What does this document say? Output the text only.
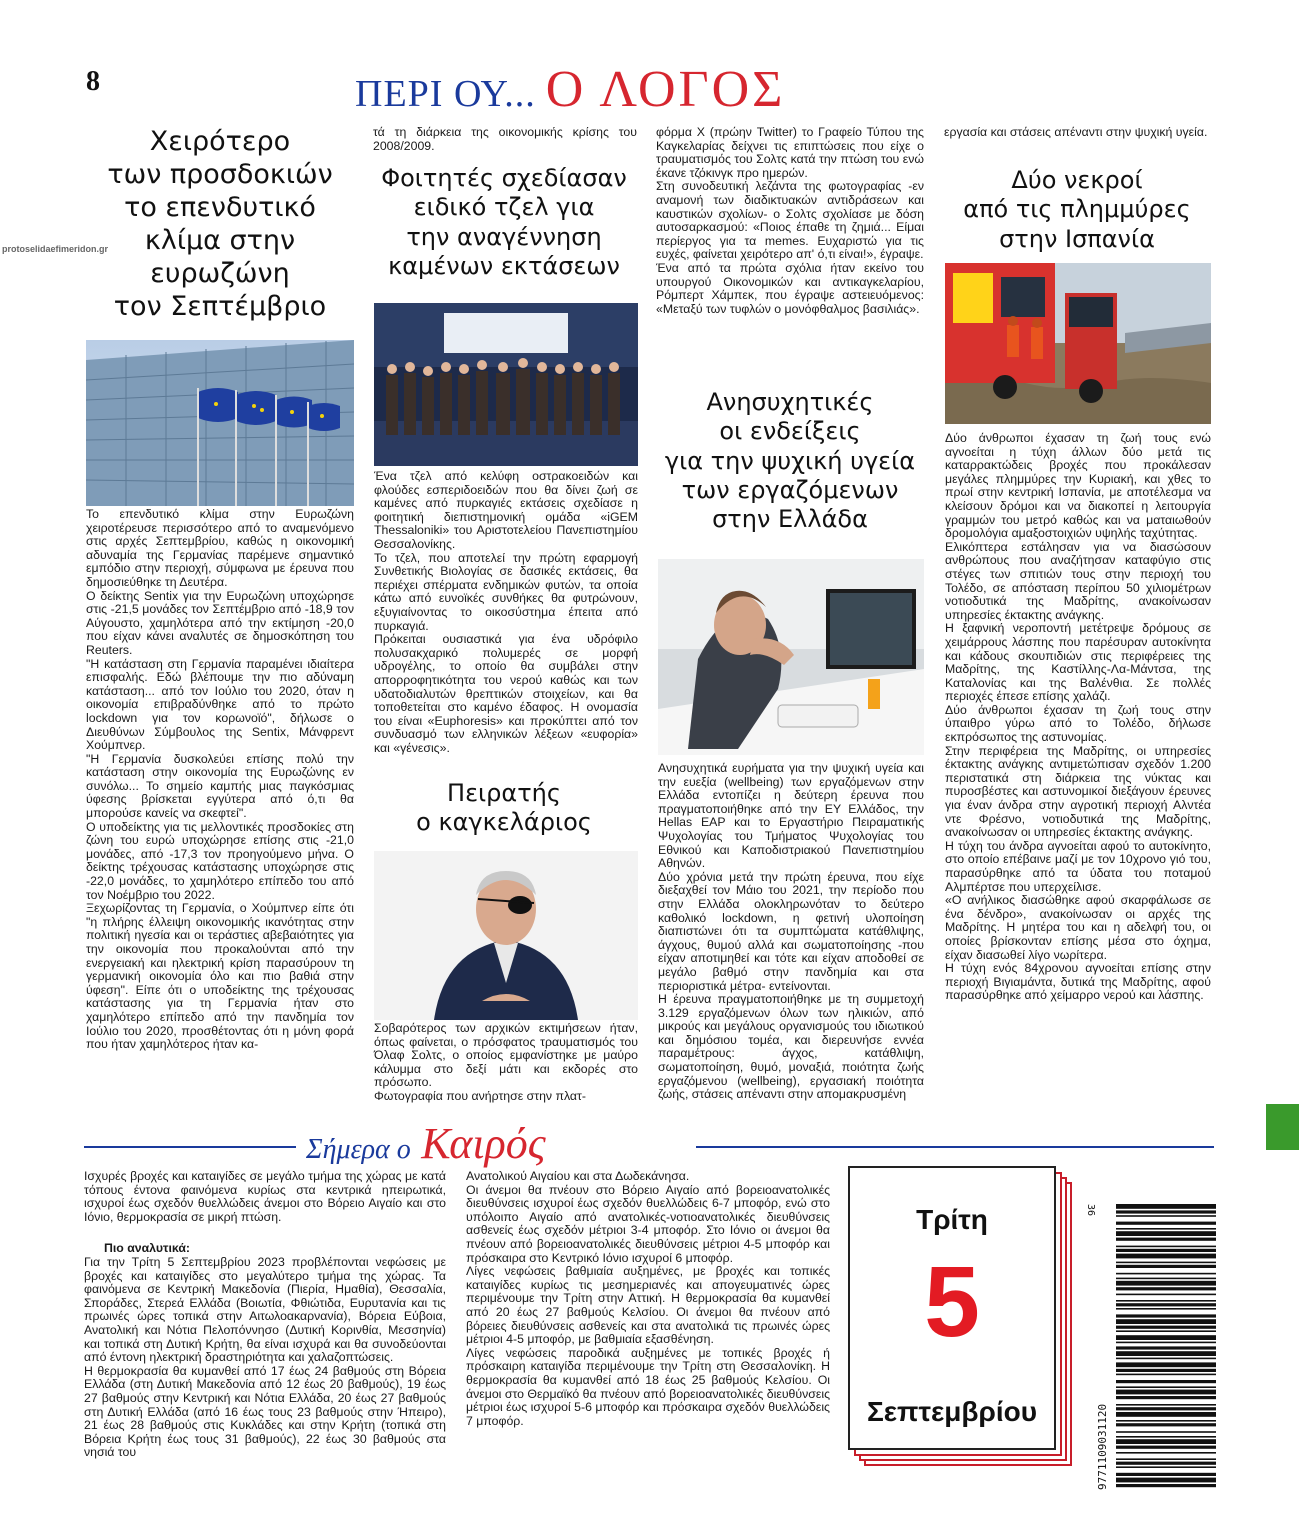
8	ΠΕΡΙ ΟΥ... Ο ΛΟΓΟΣ
protoselidaefimeridon.gr
Χειρότερο
των προσδοκιών
το επενδυτικό
κλίμα στην
ευρωζώνη
τον Σεπτέμβριο
Το επενδυτικό κλίμα στην Ευρωζώνη χειροτέρευσε περισσότερο από το αναμενόμενο στις αρχές Σεπτεμβρίου, καθώς η οικονομική αδυναμία της Γερμανίας παρέμενε σημαντικό εμπόδιο στην περιοχή, σύμφωνα με έρευνα που δημοσιεύθηκε τη Δευτέρα.
Ο δείκτης Sentix για την Ευρωζώνη υποχώρησε στις -21,5 μονάδες τον Σεπτέμβριο από -18,9 τον Αύγουστο, χαμηλότερα από την εκτίμηση -20,0 που είχαν κάνει αναλυτές σε δημοσκόπηση του Reuters.
"Η κατάσταση στη Γερμανία παραμένει ιδιαίτερα επισφαλής. Εδώ βλέπουμε την πιο αδύναμη κατάσταση... από τον Ιούλιο του 2020, όταν η οικονομία επιβραδύνθηκε από το πρώτο lockdown για τον κορωνοϊό", δήλωσε ο Διευθύνων Σύμβουλος της Sentix, Μάνφρεντ Χούμπνερ.
"Η Γερμανία δυσκολεύει επίσης πολύ την κατάσταση στην οικονομία της Ευρωζώνης εν συνόλω... Το σημείο καμπής μιας παγκόσμιας ύφεσης βρίσκεται εγγύτερα από ό,τι θα μπορούσε κανείς να σκεφτεί".
Ο υποδείκτης για τις μελλοντικές προσδοκίες στη ζώνη του ευρώ υποχώρησε επίσης στις -21,0 μονάδες, από -17,3 τον προηγούμενο μήνα. Ο δείκτης τρέχουσας κατάστασης υποχώρησε στις -22,0 μονάδες, το χαμηλότερο επίπεδο του από τον Νοέμβριο του 2022.
Ξεχωρίζοντας τη Γερμανία, ο Χούμπνερ είπε ότι "η πλήρης έλλειψη οικονομικής ικανότητας στην πολιτική ηγεσία και οι τεράστιες αβεβαιότητες για την οικονομία που προκαλούνται από την ενεργειακή και ηλεκτρική κρίση παρασύρουν τη γερμανική οικονομία όλο και πιο βαθιά στην ύφεση". Είπε ότι ο υποδείκτης της τρέχουσας κατάστασης για τη Γερμανία ήταν στο χαμηλότερο επίπεδο από την πανδημία τον Ιούλιο του 2020, προσθέτοντας ότι η μόνη φορά που ήταν χαμηλότερος ήταν κα-
τά τη διάρκεια της οικονομικής κρίσης του 2008/2009.
Φοιτητές σχεδίασαν
ειδικό τζελ για
την αναγέννηση
καμένων εκτάσεων
Ένα τζελ από κελύφη οστρακοειδών και φλούδες εσπεριδοειδών που θα δίνει ζωή σε καμένες από πυρκαγιές εκτάσεις σχεδίασε η φοιτητική διεπιστημονική ομάδα «iGEM Thessaloniki» του Αριστοτελείου Πανεπιστημίου Θεσσαλονίκης.
Το τζελ, που αποτελεί την πρώτη εφαρμογή Συνθετικής Βιολογίας σε δασικές εκτάσεις, θα περιέχει σπέρματα ενδημικών φυτών, τα οποία κάτω από ευνοϊκές συνθήκες θα φυτρώνουν, εξυγιαίνοντας το οικοσύστημα έπειτα από πυρκαγιά.
Πρόκειται ουσιαστικά για ένα υδρόφιλο πολυσακχαρικό πολυμερές σε μορφή υδρογέλης, το οποίο θα συμβάλει στην απορροφητικότητα του νερού καθώς και των υδατοδιαλυτών θρεπτικών στοιχείων, και θα τοποθετείται στο καμένο έδαφος. Η ονομασία του είναι «Euphoresis» και προκύπτει από τον συνδυασμό των ελληνικών λέξεων «ευφορία» και «γένεσις».
Πειρατής
ο καγκελάριος
Σοβαρότερος των αρχικών εκτιμήσεων ήταν, όπως φαίνεται, ο πρόσφατος τραυματισμός του Όλαφ Σολτς, ο οποίος εμφανίστηκε με μαύρο κάλυμμα στο δεξί μάτι και εκδορές στο πρόσωπο.
Φωτογραφία που ανήρτησε στην πλατ-
φόρμα Χ (πρώην Twitter) το Γραφείο Τύπου της Καγκελαρίας δείχνει τις επιπτώσεις που είχε ο τραυματισμός του Σολτς κατά την πτώση του ενώ έκανε τζόκινγκ προ ημερών.
Στη συνοδευτική λεζάντα της φωτογραφίας -εν αναμονή των διαδικτυακών αντιδράσεων και καυστικών σχολίων- ο Σολτς σχολίασε με δόση αυτοσαρκασμού: «Ποιος έπαθε τη ζημιά... Είμαι περίεργος για τα memes. Ευχαριστώ για τις ευχές, φαίνεται χειρότερο απ' ό,τι είναι!», έγραψε.
Ένα από τα πρώτα σχόλια ήταν εκείνο του υπουργού Οικονομικών και αντικαγκελαρίου, Ρόμπερτ Χάμπεκ, που έγραψε αστειευόμενος: «Μεταξύ των τυφλών ο μονόφθαλμος βασιλιάς».
Ανησυχητικές
οι ενδείξεις
για την ψυχική υγεία
των εργαζόμενων
στην Ελλάδα
Ανησυχητικά ευρήματα για την ψυχική υγεία και την ευεξία (wellbeing) των εργαζόμενων στην Ελλάδα εντοπίζει η δεύτερη έρευνα που πραγματοποιήθηκε από την ΕΥ Ελλάδος, την Hellas EAP και το Εργαστήριο Πειραματικής Ψυχολογίας του Τμήματος Ψυχολογίας του Εθνικού και Καποδιστριακού Πανεπιστημίου Αθηνών.
Δύο χρόνια μετά την πρώτη έρευνα, που είχε διεξαχθεί τον Μάιο του 2021, την περίοδο που στην Ελλάδα ολοκληρωνόταν το δεύτερο καθολικό lockdown, η φετινή υλοποίηση διαπιστώνει ότι τα συμπτώματα κατάθλιψης, άγχους, θυμού αλλά και σωματοποίησης -που είχαν αποτιμηθεί και τότε και είχαν αποδοθεί σε μεγάλο βαθμό στην πανδημία και στα περιοριστικά μέτρα- εντείνονται.
Η έρευνα πραγματοποιήθηκε με τη συμμετοχή 3.129 εργαζόμενων όλων των ηλικιών, από μικρούς και μεγάλους οργανισμούς του ιδιωτικού και δημόσιου τομέα, και διερευνήσε εννέα παραμέτρους: άγχος, κατάθλιψη, σωματοποίηση, θυμό, μοναξιά, ποιότητα ζωής εργαζόμενου (wellbeing), εργασιακή ποιότητα ζωής, στάσεις απέναντι στην απομακρυσμένη
εργασία και στάσεις απέναντι στην ψυχική υγεία.
Δύο νεκροί
από τις πλημμύρες
στην Ισπανία
Δύο άνθρωποι έχασαν τη ζωή τους ενώ αγνοείται η τύχη άλλων δύο μετά τις καταρρακτώδεις βροχές που προκάλεσαν μεγάλες πλημμύρες την Κυριακή, και χθες το πρωί στην κεντρική Ισπανία, με αποτέλεσμα να κλείσουν δρόμοι και να διακοπεί η λειτουργία γραμμών του μετρό καθώς και να ματαιωθούν δρομολόγια αμαξοστοιχιών υψηλής ταχύτητας.
Ελικόπτερα εστάλησαν για να διασώσουν ανθρώπους που αναζήτησαν καταφύγιο στις στέγες των σπιτιών τους στην περιοχή του Τολέδο, σε απόσταση περίπου 50 χιλιομέτρων νοτιοδυτικά της Μαδρίτης, ανακοίνωσαν υπηρεσίες έκτακτης ανάγκης.
Η ξαφνική νεροποντή μετέτρεψε δρόμους σε χειμάρρους λάσπης που παρέσυραν αυτοκίνητα και κάδους σκουπιδιών στις περιφέρειες της Μαδρίτης, της Καστίλλης-Λα-Μάντσα, της Καταλονίας και της Βαλένθια. Σε πολλές περιοχές έπεσε επίσης χαλάζι.
Δύο άνθρωποι έχασαν τη ζωή τους στην ύπαιθρο γύρω από το Τολέδο, δήλωσε εκπρόσωπος της αστυνομίας.
Στην περιφέρεια της Μαδρίτης, οι υπηρεσίες έκτακτης ανάγκης αντιμετώπισαν σχεδόν 1.200 περιστατικά στη διάρκεια της νύκτας και πυροσβέστες και αστυνομικοί διεξάγουν έρευνες για έναν άνδρα στην αγροτική περιοχή Αλντέα ντε Φρέσνο, νοτιοδυτικά της Μαδρίτης, ανακοίνωσαν οι υπηρεσίες έκτακτης ανάγκης.
Η τύχη του άνδρα αγνοείται αφού το αυτοκίνητο, στο οποίο επέβαινε μαζί με τον 10χρονο γιό του, παρασύρθηκε από τα ύδατα του ποταμού Αλμπέρτσε που υπερχείλισε.
«Ο ανήλικος διασώθηκε αφού σκαρφάλωσε σε ένα δένδρο», ανακοίνωσαν οι αρχές της Μαδρίτης. Η μητέρα του και η αδελφή του, οι οποίες βρίσκονταν επίσης μέσα στο όχημα, είχαν διασωθεί λίγο νωρίτερα.
Η τύχη ενός 84χρονου αγνοείται επίσης στην περιοχή Βιγιαμάντα, δυτικά της Μαδρίτης, αφού παρασύρθηκε από χείμαρρο νερού και λάσπης.
Σήμερα ο Καιρός
Ισχυρές βροχές και καταιγίδες σε μεγάλο τμήμα της χώρας με κατά τόπους έντονα φαινόμενα κυρίως στα κεντρικά ηπειρωτικά, ισχυροί έως σχεδόν θυελλώδεις άνεμοι στο Βόρειο Αιγαίο και στο Ιόνιο, θερμοκρασία σε μικρή πτώση.
Πιο αναλυτικά:
Για την Τρίτη 5 Σεπτεμβρίου 2023 προβλέπονται νεφώσεις με βροχές και καταιγίδες στο μεγαλύτερο τμήμα της χώρας. Τα φαινόμενα σε Κεντρική Μακεδονία (Πιερία, Ημαθία), Θεσσαλία, Σποράδες, Στερεά Ελλάδα (Βοιωτία, Φθιώτιδα, Ευρυτανία και τις πρωινές ώρες τοπικά στην Αιτωλοακαρνανία), Βόρεια Εύβοια, Ανατολική και Νότια Πελοπόννησο (Δυτική Κορινθία, Μεσσηνία) και τοπικά στη Δυτική Κρήτη, θα είναι ισχυρά και θα συνοδεύονται από έντονη ηλεκτρική δραστηριότητα και χαλαζοπτώσεις.
Η θερμοκρασία θα κυμανθεί από 17 έως 24 βαθμούς στη Βόρεια Ελλάδα (στη Δυτική Μακεδονία από 12 έως 20 βαθμούς), 19 έως 27 βαθμούς στην Κεντρική και Νότια Ελλάδα, 20 έως 27 βαθμούς στη Δυτική Ελλάδα (από 16 έως τους 23 βαθμούς στην Ήπειρο), 21 έως 28 βαθμούς στις Κυκλάδες και στην Κρήτη (τοπικά στη Βόρεια Κρήτη έως τους 31 βαθμούς), 22 έως 30 βαθμούς στα νησιά του
Ανατολικού Αιγαίου και στα Δωδεκάνησα.
Οι άνεμοι θα πνέουν στο Βόρειο Αιγαίο από βορειοανατολικές διευθύνσεις ισχυροί έως σχεδόν θυελλώδεις 6-7 μποφόρ, ενώ στο υπόλοιπο Αιγαίο από ανατολικές-νοτιοανατολικές διευθύνσεις ασθενείς έως σχεδόν μέτριοι 3-4 μποφόρ. Στο Ιόνιο οι άνεμοι θα πνέουν από βορειοανατολικές διευθύνσεις μέτριοι 4-5 μποφόρ και πρόσκαιρα στο Κεντρικό Ιόνιο ισχυροί 6 μποφόρ.
Λίγες νεφώσεις βαθμιαία αυξημένες, με βροχές και τοπικές καταιγίδες κυρίως τις μεσημεριανές και απογευματινές ώρες περιμένουμε την Τρίτη στην Αττική. Η θερμοκρασία θα κυμανθεί από 20 έως 27 βαθμούς Κελσίου. Οι άνεμοι θα πνέουν από βόρειες διευθύνσεις ασθενείς και στα ανατολικά τις πρωινές ώρες μέτριοι 4-5 μποφόρ, με βαθμιαία εξασθένηση.
Λίγες νεφώσεις παροδικά αυξημένες με τοπικές βροχές ή πρόσκαιρη καταιγίδα περιμένουμε την Τρίτη στη Θεσσαλονίκη. Η θερμοκρασία θα κυμανθεί από 18 έως 25 βαθμούς Κελσίου. Οι άνεμοι στο Θερμαϊκό θα πνέουν από βορειοανατολικές διευθύνσεις μέτριοι έως ισχυροί 5-6 μποφόρ και πρόσκαιρα σχεδόν θυελλώδεις 7 μποφόρ.
Τρίτη
5
Σεπτεμβρίου	9771109031120
36
